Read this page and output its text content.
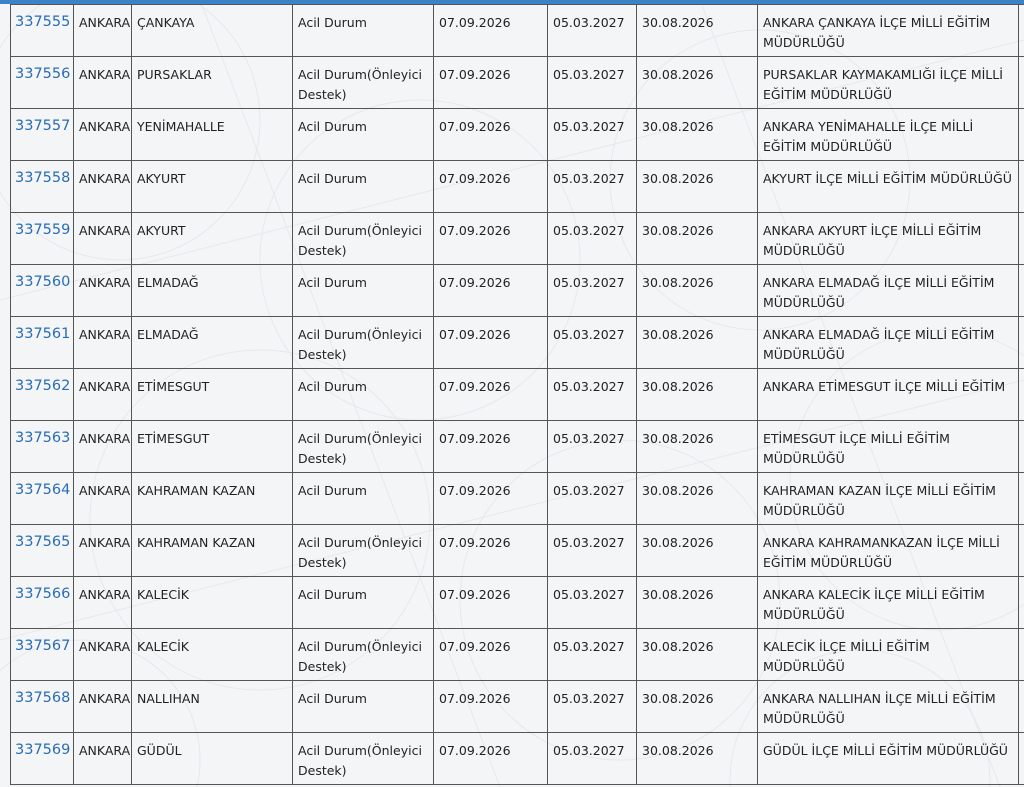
337555	ANKARA	ÇANKAYA	Acil Durum	07.09.2026	05.03.2027	30.08.2026	ANKARA ÇANKAYA İLÇE MİLLİ EĞİTİM MÜDÜRLÜĞÜ	
337556	ANKARA	PURSAKLAR	Acil Durum(Önleyici Destek)	07.09.2026	05.03.2027	30.08.2026	PURSAKLAR KAYMAKAMLIĞI İLÇE MİLLİ EĞİTİM MÜDÜRLÜĞÜ	
337557	ANKARA	YENİMAHALLE	Acil Durum	07.09.2026	05.03.2027	30.08.2026	ANKARA YENİMAHALLE İLÇE MİLLİ EĞİTİM MÜDÜRLÜĞÜ	
337558	ANKARA	AKYURT	Acil Durum	07.09.2026	05.03.2027	30.08.2026	AKYURT İLÇE MİLLİ EĞİTİM MÜDÜRLÜĞÜ	
337559	ANKARA	AKYURT	Acil Durum(Önleyici Destek)	07.09.2026	05.03.2027	30.08.2026	ANKARA AKYURT İLÇE MİLLİ EĞİTİM MÜDÜRLÜĞÜ	
337560	ANKARA	ELMADAĞ	Acil Durum	07.09.2026	05.03.2027	30.08.2026	ANKARA ELMADAĞ İLÇE MİLLİ EĞİTİM MÜDÜRLÜĞÜ	
337561	ANKARA	ELMADAĞ	Acil Durum(Önleyici Destek)	07.09.2026	05.03.2027	30.08.2026	ANKARA ELMADAĞ İLÇE MİLLİ EĞİTİM MÜDÜRLÜĞÜ	
337562	ANKARA	ETİMESGUT	Acil Durum	07.09.2026	05.03.2027	30.08.2026	ANKARA ETİMESGUT İLÇE MİLLİ EĞİTİM	
337563	ANKARA	ETİMESGUT	Acil Durum(Önleyici Destek)	07.09.2026	05.03.2027	30.08.2026	ETİMESGUT İLÇE MİLLİ EĞİTİM MÜDÜRLÜĞÜ	
337564	ANKARA	KAHRAMAN KAZAN	Acil Durum	07.09.2026	05.03.2027	30.08.2026	KAHRAMAN KAZAN İLÇE MİLLİ EĞİTİM MÜDÜRLÜĞÜ	
337565	ANKARA	KAHRAMAN KAZAN	Acil Durum(Önleyici Destek)	07.09.2026	05.03.2027	30.08.2026	ANKARA KAHRAMANKAZAN İLÇE MİLLİ EĞİTİM MÜDÜRLÜĞÜ	
337566	ANKARA	KALECİK	Acil Durum	07.09.2026	05.03.2027	30.08.2026	ANKARA KALECİK İLÇE MİLLİ EĞİTİM MÜDÜRLÜĞÜ	
337567	ANKARA	KALECİK	Acil Durum(Önleyici Destek)	07.09.2026	05.03.2027	30.08.2026	KALECİK İLÇE MİLLİ EĞİTİM MÜDÜRLÜĞÜ	
337568	ANKARA	NALLIHAN	Acil Durum	07.09.2026	05.03.2027	30.08.2026	ANKARA NALLIHAN İLÇE MİLLİ EĞİTİM MÜDÜRLÜĞÜ	
337569	ANKARA	GÜDÜL	Acil Durum(Önleyici Destek)	07.09.2026	05.03.2027	30.08.2026	GÜDÜL İLÇE MİLLİ EĞİTİM MÜDÜRLÜĞÜ	
